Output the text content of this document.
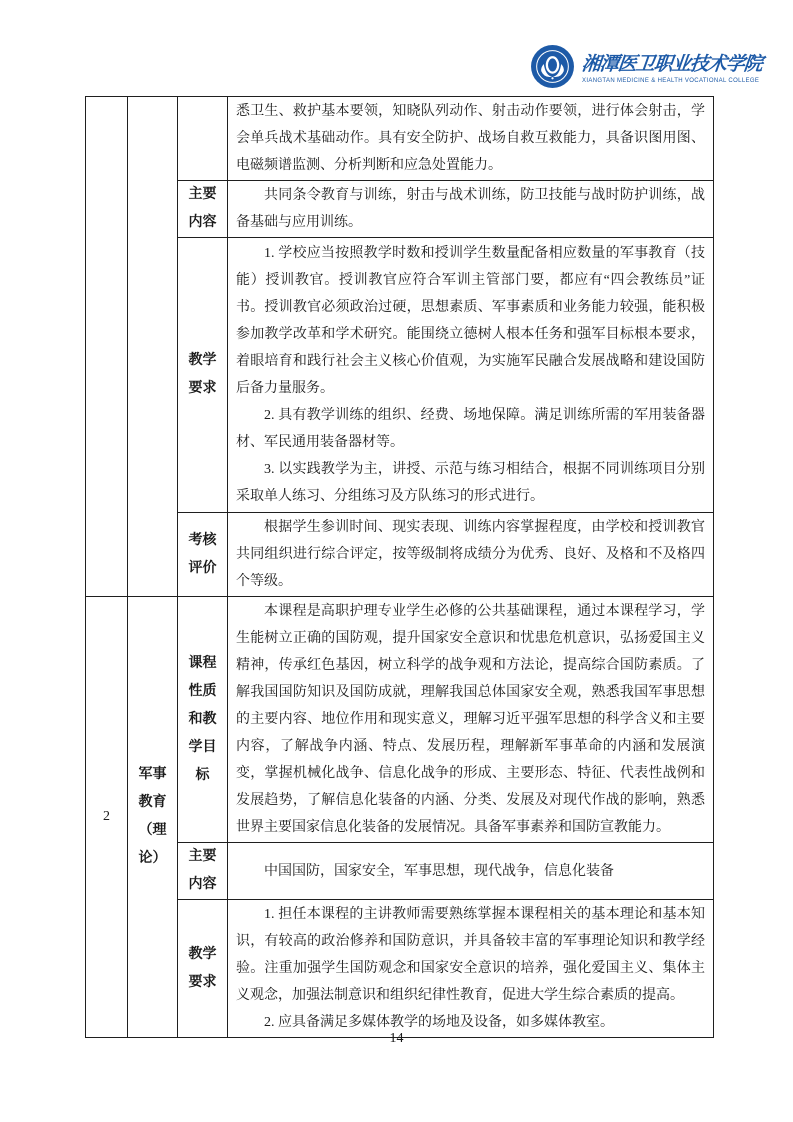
湘潭医卫职业技术学院
XIANGTAN MEDICINE & HEALTH VOCATIONAL COLLEGE

			悉卫生、救护基本要领，知晓队列动作、射击动作要领，进行体会射击，学会单兵战术基础动作。具有安全防护、战场自救互救能力，具备识图用图、电磁频谱监测、分析判断和应急处置能力。

		主要内容	共同条令教育与训练，射击与战术训练，防卫技能与战时防护训练，战备基础与应用训练。

		教学要求	1. 学校应当按照教学时数和授训学生数量配备相应数量的军事教育（技能）授训教官。授训教官应符合军训主管部门要，都应有“四会教练员”证书。授训教官必须政治过硬，思想素质、军事素质和业务能力较强，能积极参加教学改革和学术研究。能围绕立德树人根本任务和强军目标根本要求，着眼培育和践行社会主义核心价值观，为实施军民融合发展战略和建设国防后备力量服务。

2. 具有教学训练的组织、经费、场地保障。满足训练所需的军用装备器材、军民通用装备器材等。

3. 以实践教学为主，讲授、示范与练习相结合，根据不同训练项目分别采取单人练习、分组练习及方队练习的形式进行。

		考核评价	根据学生参训时间、现实表现、训练内容掌握程度，由学校和授训教官共同组织进行综合评定，按等级制将成绩分为优秀、良好、及格和不及格四个等级。

2	军事教育（理论）	课程性质和教学目标	本课程是高职护理专业学生必修的公共基础课程，通过本课程学习，学生能树立正确的国防观，提升国家安全意识和忧患危机意识，弘扬爱国主义精神，传承红色基因，树立科学的战争观和方法论，提高综合国防素质。了解我国国防知识及国防成就，理解我国总体国家安全观，熟悉我国军事思想的主要内容、地位作用和现实意义，理解习近平强军思想的科学含义和主要内容，了解战争内涵、特点、发展历程，理解新军事革命的内涵和发展演变，掌握机械化战争、信息化战争的形成、主要形态、特征、代表性战例和发展趋势，了解信息化装备的内涵、分类、发展及对现代作战的影响，熟悉世界主要国家信息化装备的发展情况。具备军事素养和国防宣教能力。

		主要内容	中国国防，国家安全，军事思想，现代战争，信息化装备

		教学要求	1. 担任本课程的主讲教师需要熟练掌握本课程相关的基本理论和基本知识，有较高的政治修养和国防意识，并具备较丰富的军事理论知识和教学经验。注重加强学生国防观念和国家安全意识的培养，强化爱国主义、集体主义观念，加强法制意识和组织纪律性教育，促进大学生综合素质的提高。

2. 应具备满足多媒体教学的场地及设备，如多媒体教室。

14
